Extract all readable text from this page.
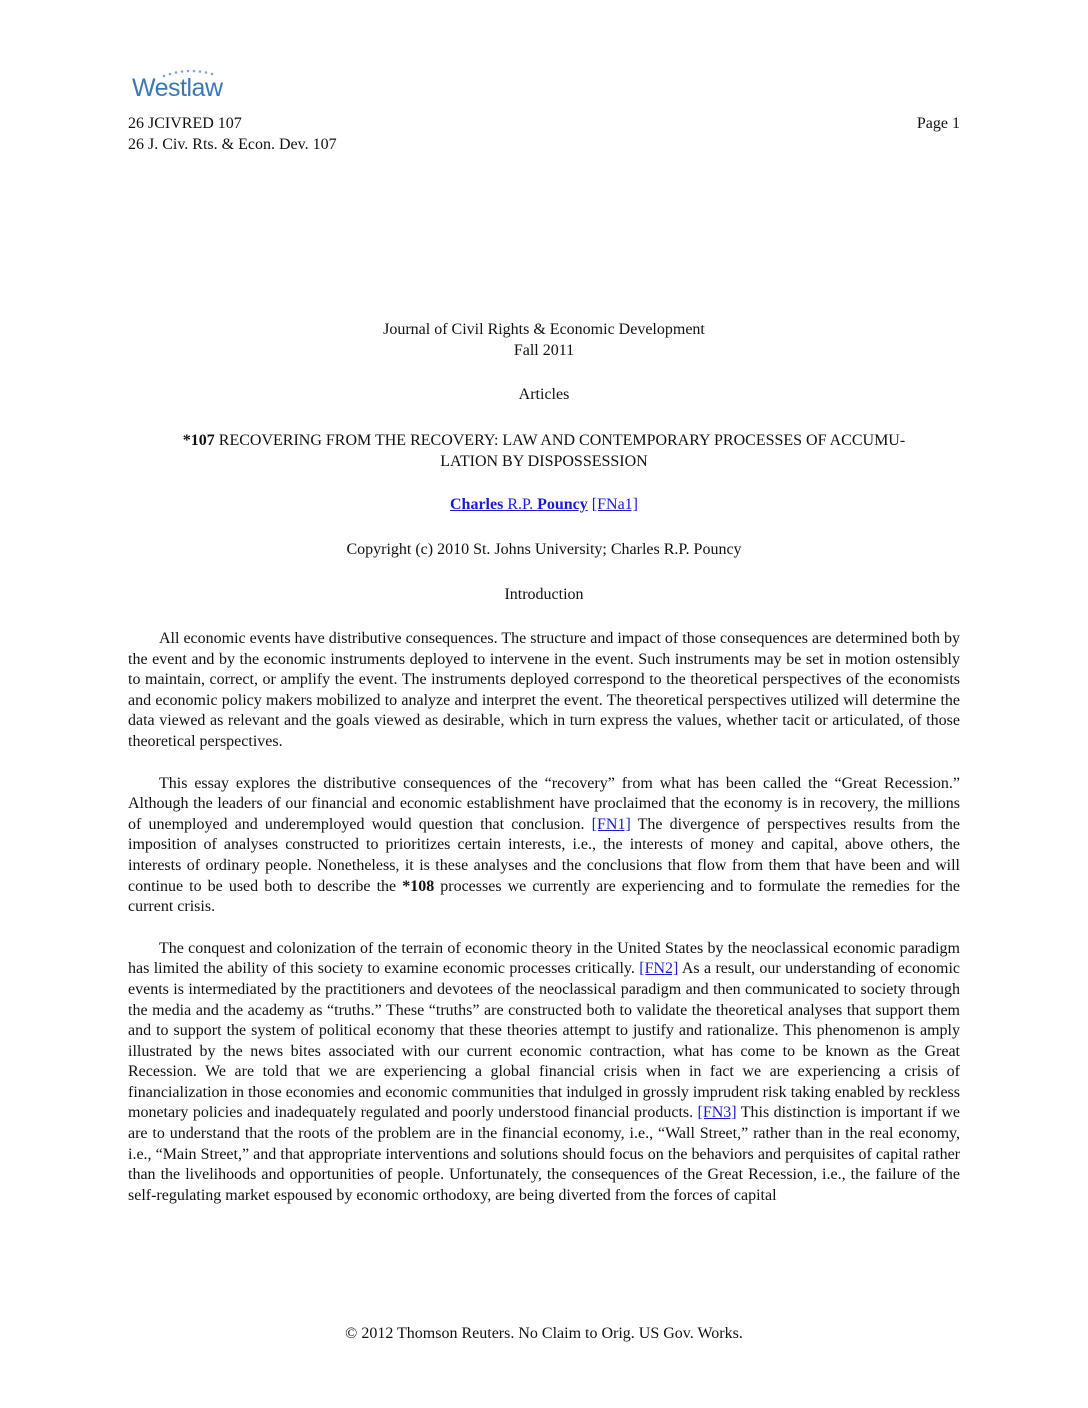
Westlaw
26 JCIVRED 107	Page 1
26 J. Civ. Rts. & Econ. Dev. 107
Journal of Civil Rights & Economic Development
Fall 2011
Articles
*107 RECOVERING FROM THE RECOVERY: LAW AND CONTEMPORARY PROCESSES OF ACCUMU-LATION BY DISPOSSESSION
Charles R.P. Pouncy [FNa1]
Copyright (c) 2010 St. Johns University; Charles R.P. Pouncy
Introduction

All economic events have distributive consequences. The structure and impact of those consequences are determined both by the event and by the economic instruments deployed to intervene in the event. Such instruments may be set in motion ostensibly to maintain, correct, or amplify the event. The instruments deployed correspond to the theoretical perspectives of the economists and economic policy makers mobilized to analyze and interpret the event. The theoretical perspectives utilized will determine the data viewed as relevant and the goals viewed as desirable, which in turn express the values, whether tacit or articulated, of those theoretical perspectives.

This essay explores the distributive consequences of the “recovery” from what has been called the “Great Recession.” Although the leaders of our financial and economic establishment have proclaimed that the economy is in recovery, the millions of unemployed and underemployed would question that conclusion. [FN1] The divergence of perspectives results from the imposition of analyses constructed to prioritizes certain interests, i.e., the interests of money and capital, above others, the interests of ordinary people. Nonetheless, it is these analyses and the conclusions that flow from them that have been and will continue to be used both to describe the *108 processes we currently are experiencing and to formulate the remedies for the current crisis.

The conquest and colonization of the terrain of economic theory in the United States by the neoclassical economic paradigm has limited the ability of this society to examine economic processes critically. [FN2] As a result, our understanding of economic events is intermediated by the practitioners and devotees of the neoclassical paradigm and then communicated to society through the media and the academy as “truths.” These “truths” are constructed both to validate the theoretical analyses that support them and to support the system of political economy that these theories attempt to justify and rationalize. This phenomenon is amply illustrated by the news bites associated with our current economic contraction, what has come to be known as the Great Recession. We are told that we are experiencing a global financial crisis when in fact we are experiencing a crisis of financialization in those economies and economic communities that indulged in grossly imprudent risk taking enabled by reckless monetary policies and inadequately regulated and poorly understood financial products. [FN3] This distinction is important if we are to understand that the roots of the problem are in the financial economy, i.e., “Wall Street,” rather than in the real economy, i.e., “Main Street,” and that appropriate interventions and solutions should focus on the behaviors and perquisites of capital rather than the livelihoods and opportunities of people. Unfortunately, the consequences of the Great Recession, i.e., the failure of the self-regulating market espoused by economic orthodoxy, are being diverted from the forces of capital

© 2012 Thomson Reuters. No Claim to Orig. US Gov. Works.
